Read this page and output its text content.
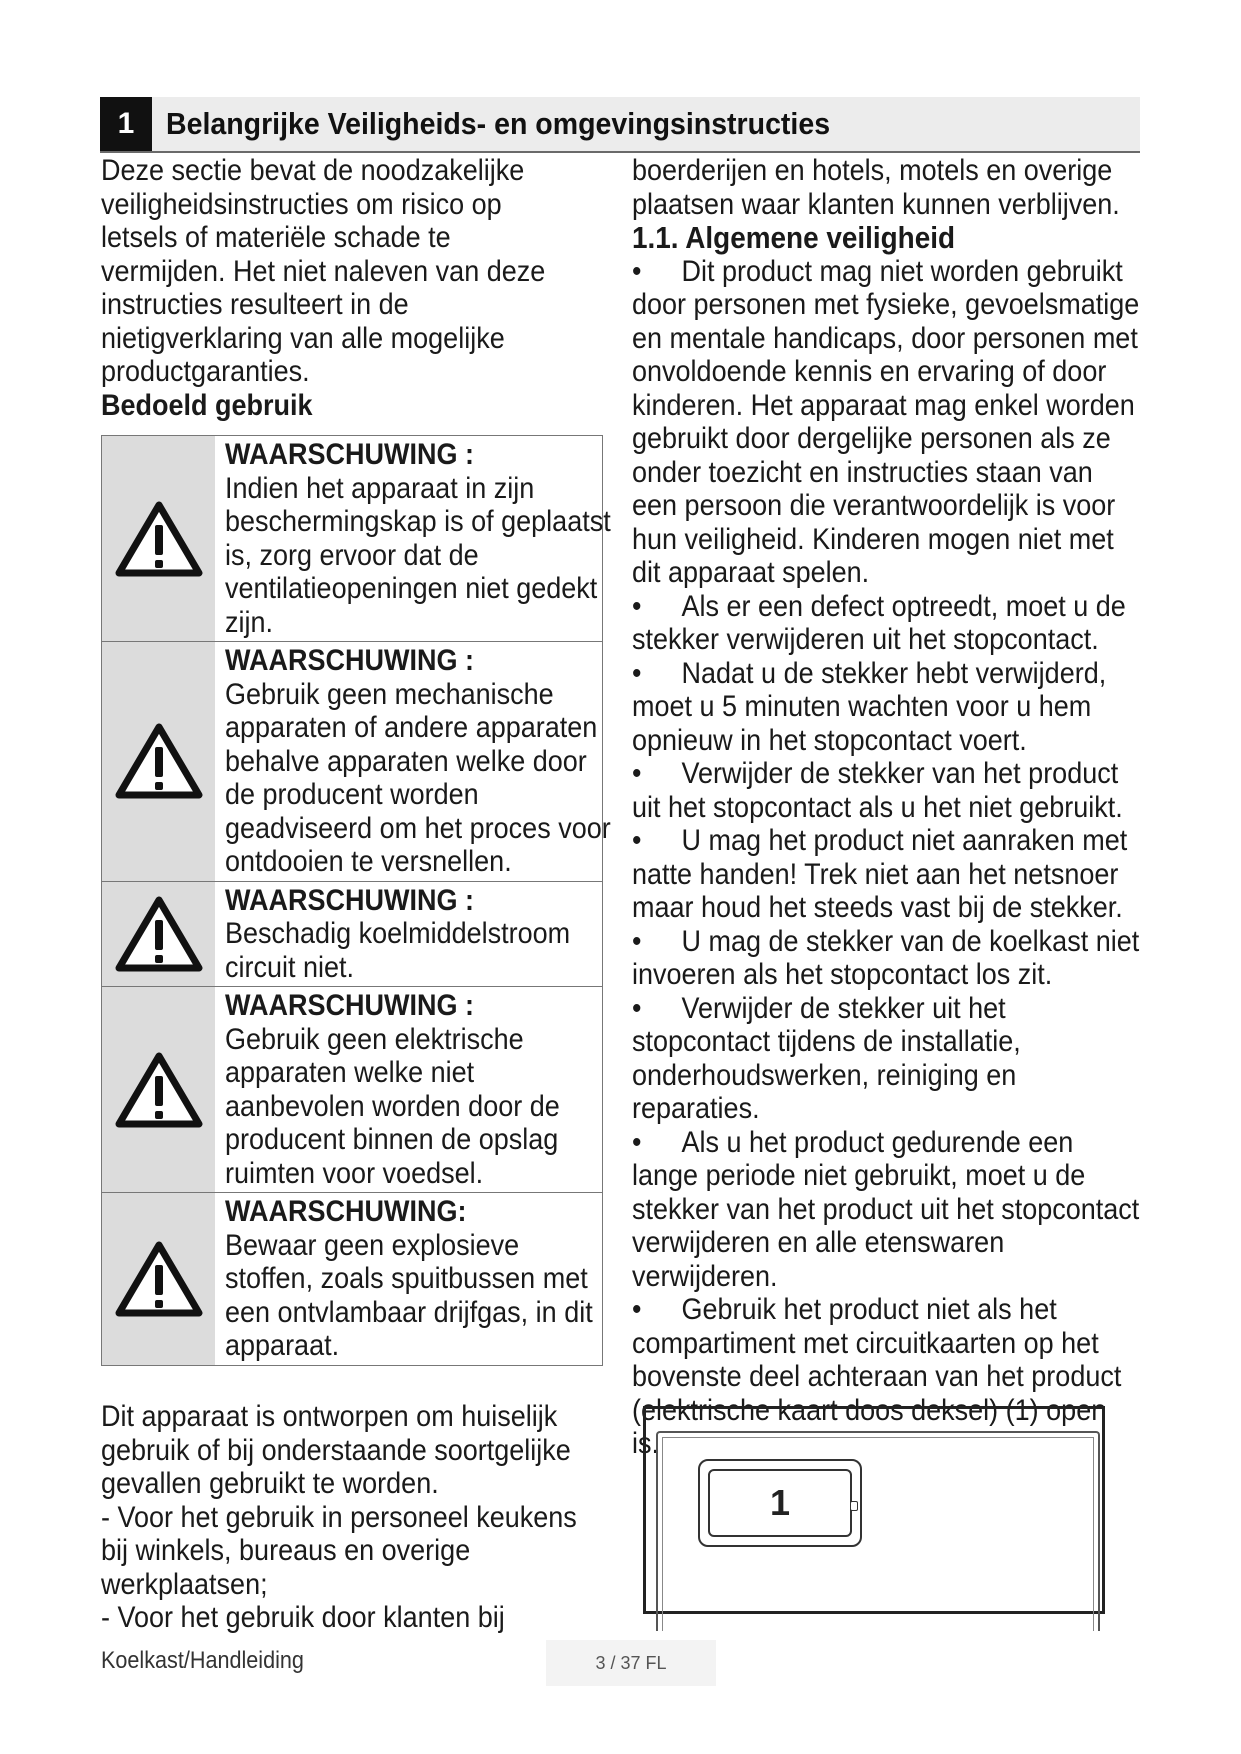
1	Belangrijke Veiligheids- en omgevingsinstructies

Deze sectie bevat de noodzakelijke veiligheidsinstructies om risico op letsels of materiële schade te vermijden. Het niet naleven van deze instructies resulteert in de nietigverklaring van alle mogelijke productgaranties.

Bedoeld gebruik

WAARSCHUWING :
Indien het apparaat in zijn beschermingskap is of geplaatst is, zorg ervoor dat de ventilatieopeningen niet gedekt zijn.
WAARSCHUWING :
Gebruik geen mechanische apparaten of andere apparaten behalve apparaten welke door de producent worden geadviseerd om het proces voor ontdooien te versnellen.
WAARSCHUWING :
Beschadig koelmiddelstroom circuit niet.
WAARSCHUWING :
Gebruik geen elektrische apparaten welke niet aanbevolen worden door de producent binnen de opslag ruimten voor voedsel.
WAARSCHUWING:
Bewaar geen explosieve stoffen, zoals spuitbussen met een ontvlambaar drijfgas, in dit apparaat.

Dit apparaat is ontworpen om huiselijk gebruik of bij onderstaande soortgelijke gevallen gebruikt te worden.

- Voor het gebruik in personeel keukens bij winkels, bureaus en overige werkplaatsen;

- Voor het gebruik door klanten bij

boerderijen en hotels, motels en overige plaatsen waar klanten kunnen verblijven.

1.1. Algemene veiligheid

• Dit product mag niet worden gebruikt door personen met fysieke, gevoelsmatige en mentale handicaps, door personen met onvoldoende kennis en ervaring of door kinderen. Het apparaat mag enkel worden gebruikt door dergelijke personen als ze onder toezicht en instructies staan van een persoon die verantwoordelijk is voor hun veiligheid. Kinderen mogen niet met dit apparaat spelen.

• Als er een defect optreedt, moet u de stekker verwijderen uit het stopcontact.

• Nadat u de stekker hebt verwijderd, moet u 5 minuten wachten voor u hem opnieuw in het stopcontact voert.

• Verwijder de stekker van het product uit het stopcontact als u het niet gebruikt.

• U mag het product niet aanraken met natte handen! Trek niet aan het netsnoer maar houd het steeds vast bij de stekker.

• U mag de stekker van de koelkast niet invoeren als het stopcontact los zit.

• Verwijder de stekker uit het stopcontact tijdens de installatie, onderhoudswerken, reiniging en reparaties.

• Als u het product gedurende een lange periode niet gebruikt, moet u de stekker van het product uit het stopcontact verwijderen en alle etenswaren verwijderen.

• Gebruik het product niet als het compartiment met circuitkaarten op het bovenste deel achteraan van het product (elektrische kaart doos deksel) (1) open is.

1
Koelkast/Handleiding	3 / 37 FL
